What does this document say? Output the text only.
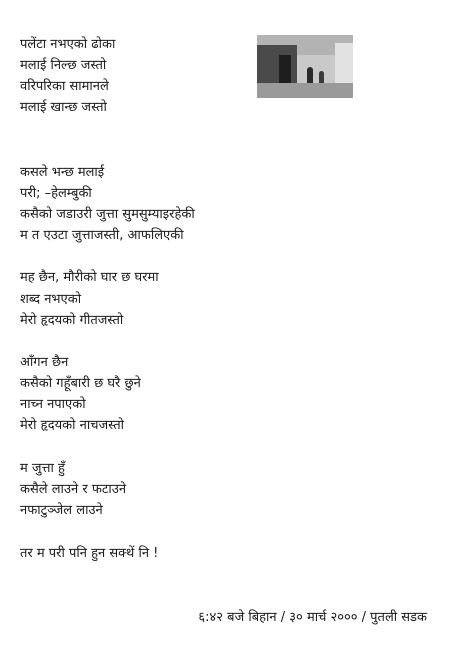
पलेंटा नभएको ढोका
मलाई निल्छ जस्तो
वरिपरिका सामानले
मलाई खान्छ जस्तो
कसले भन्छ मलाई
परी; –हेलम्बुकी
कसैको जडाउरी जुत्ता सुमसुम्याइरहेकी
म त एउटा जुत्ताजस्ती, आफलिएकी
मह छैन, मौरीको घार छ घरमा
शब्द नभएको
मेरो हृदयको गीतजस्तो
आँगन छैन
कसैको गहूँबारी छ घरै छुने
नाच्न नपाएको
मेरो हृदयको नाचजस्तो
म जुत्ता हुँ
कसैले लाउने र फटाउने
नफाटुञ्जेल लाउने
तर म परी पनि हुन सक्थें नि !
६:४२ बजे बिहान / ३० मार्च २००० / पुतली सडक
